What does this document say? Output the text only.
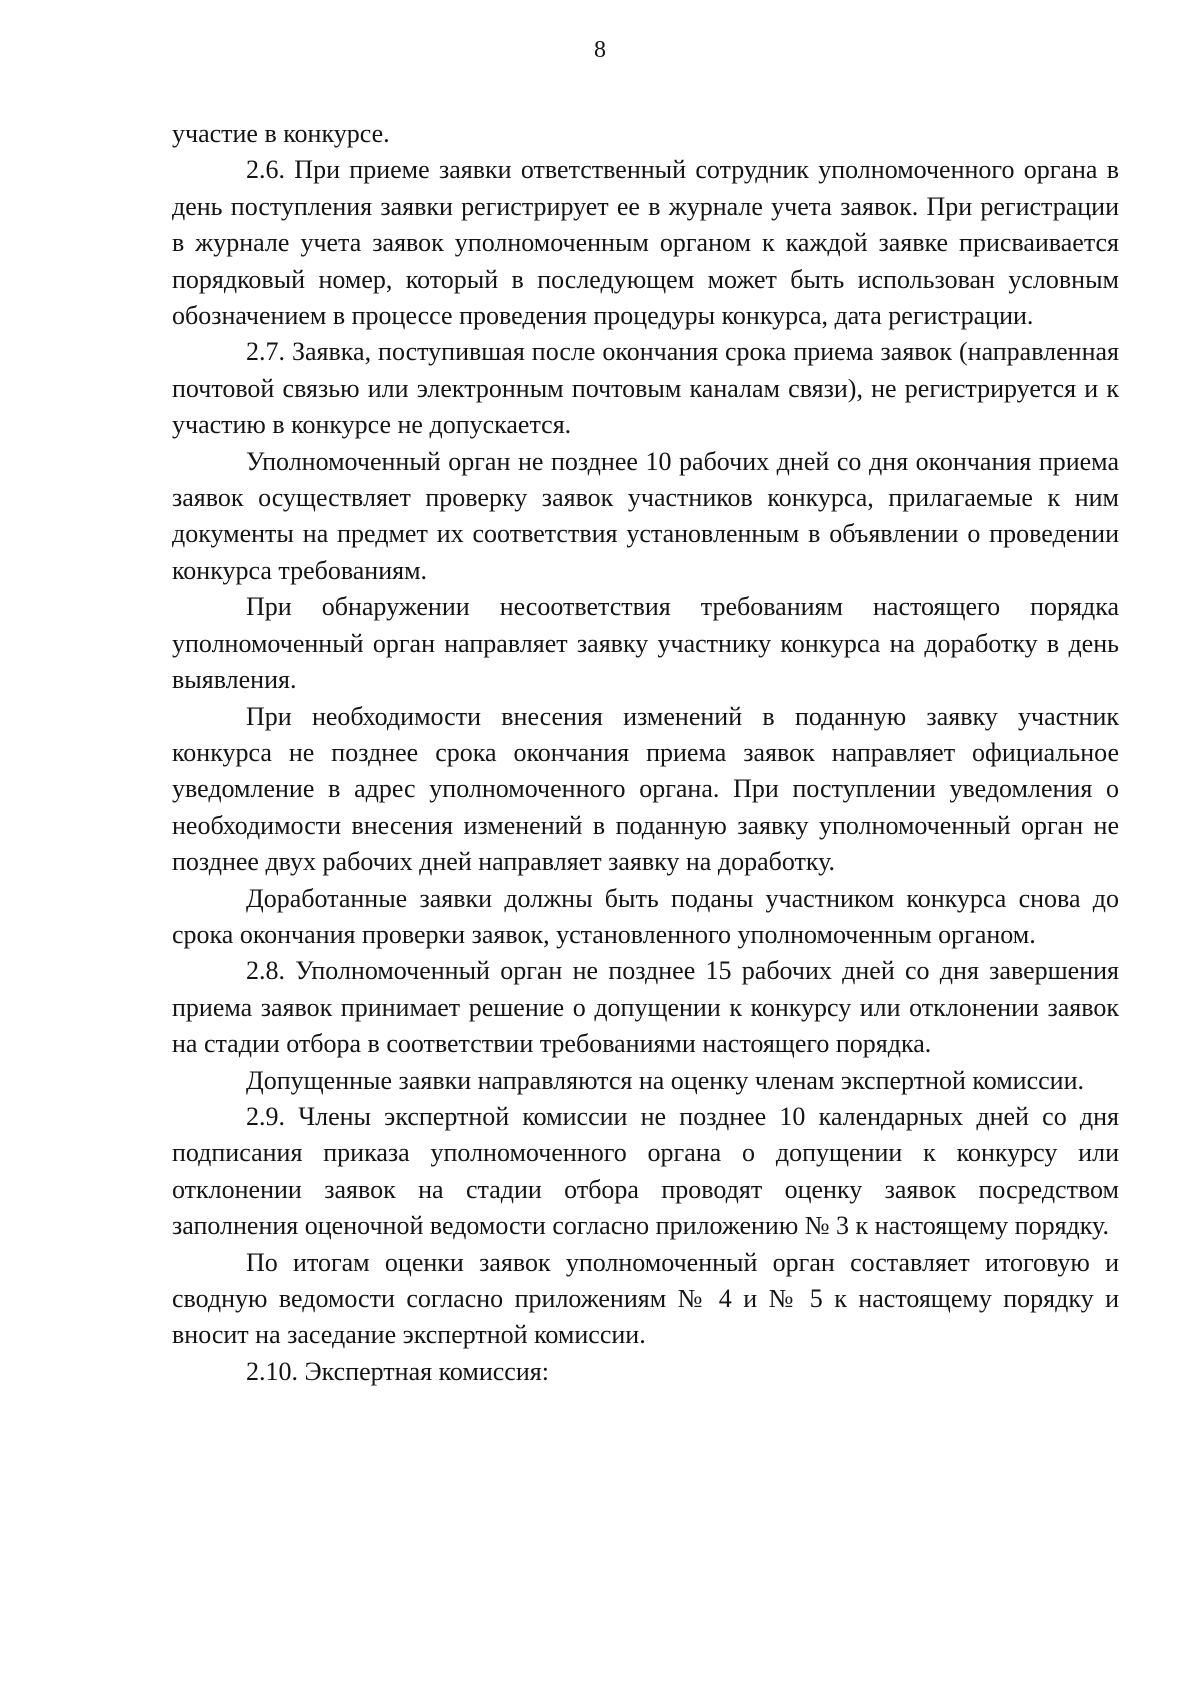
8

участие в конкурсе.

2.6. При приеме заявки ответственный сотрудник уполномоченного органа в день поступления заявки регистрирует ее в журнале учета заявок. При регистрации в журнале учета заявок уполномоченным органом к каждой заявке присваивается порядковый номер, который в последующем может быть использован условным обозначением в процессе проведения процедуры конкурса, дата регистрации.

2.7. Заявка, поступившая после окончания срока приема заявок (направленная почтовой связью или электронным почтовым каналам связи), не регистрируется и к участию в конкурсе не допускается.

Уполномоченный орган не позднее 10 рабочих дней со дня окончания приема заявок осуществляет проверку заявок участников конкурса, прилагаемые к ним документы на предмет их соответствия установленным в объявлении о проведении конкурса требованиям.

При обнаружении несоответствия требованиям настоящего порядка уполномоченный орган направляет заявку участнику конкурса на доработку в день выявления.

При необходимости внесения изменений в поданную заявку участник конкурса не позднее срока окончания приема заявок направляет официальное уведомление в адрес уполномоченного органа. При поступлении уведомления о необходимости внесения изменений в поданную заявку уполномоченный орган не позднее двух рабочих дней направляет заявку на доработку.

Доработанные заявки должны быть поданы участником конкурса снова до срока окончания проверки заявок, установленного уполномоченным органом.

2.8. Уполномоченный орган не позднее 15 рабочих дней со дня завершения приема заявок принимает решение о допущении к конкурсу или отклонении заявок на стадии отбора в соответствии требованиями настоящего порядка.

Допущенные заявки направляются на оценку членам экспертной комиссии.

2.9. Члены экспертной комиссии не позднее 10 календарных дней со дня подписания приказа уполномоченного органа о допущении к конкурсу или отклонении заявок на стадии отбора проводят оценку заявок посредством заполнения оценочной ведомости согласно приложению № 3 к настоящему порядку.

По итогам оценки заявок уполномоченный орган составляет итоговую и сводную ведомости согласно приложениям № 4 и № 5 к настоящему порядку и вносит на заседание экспертной комиссии.

2.10. Экспертная комиссия:
